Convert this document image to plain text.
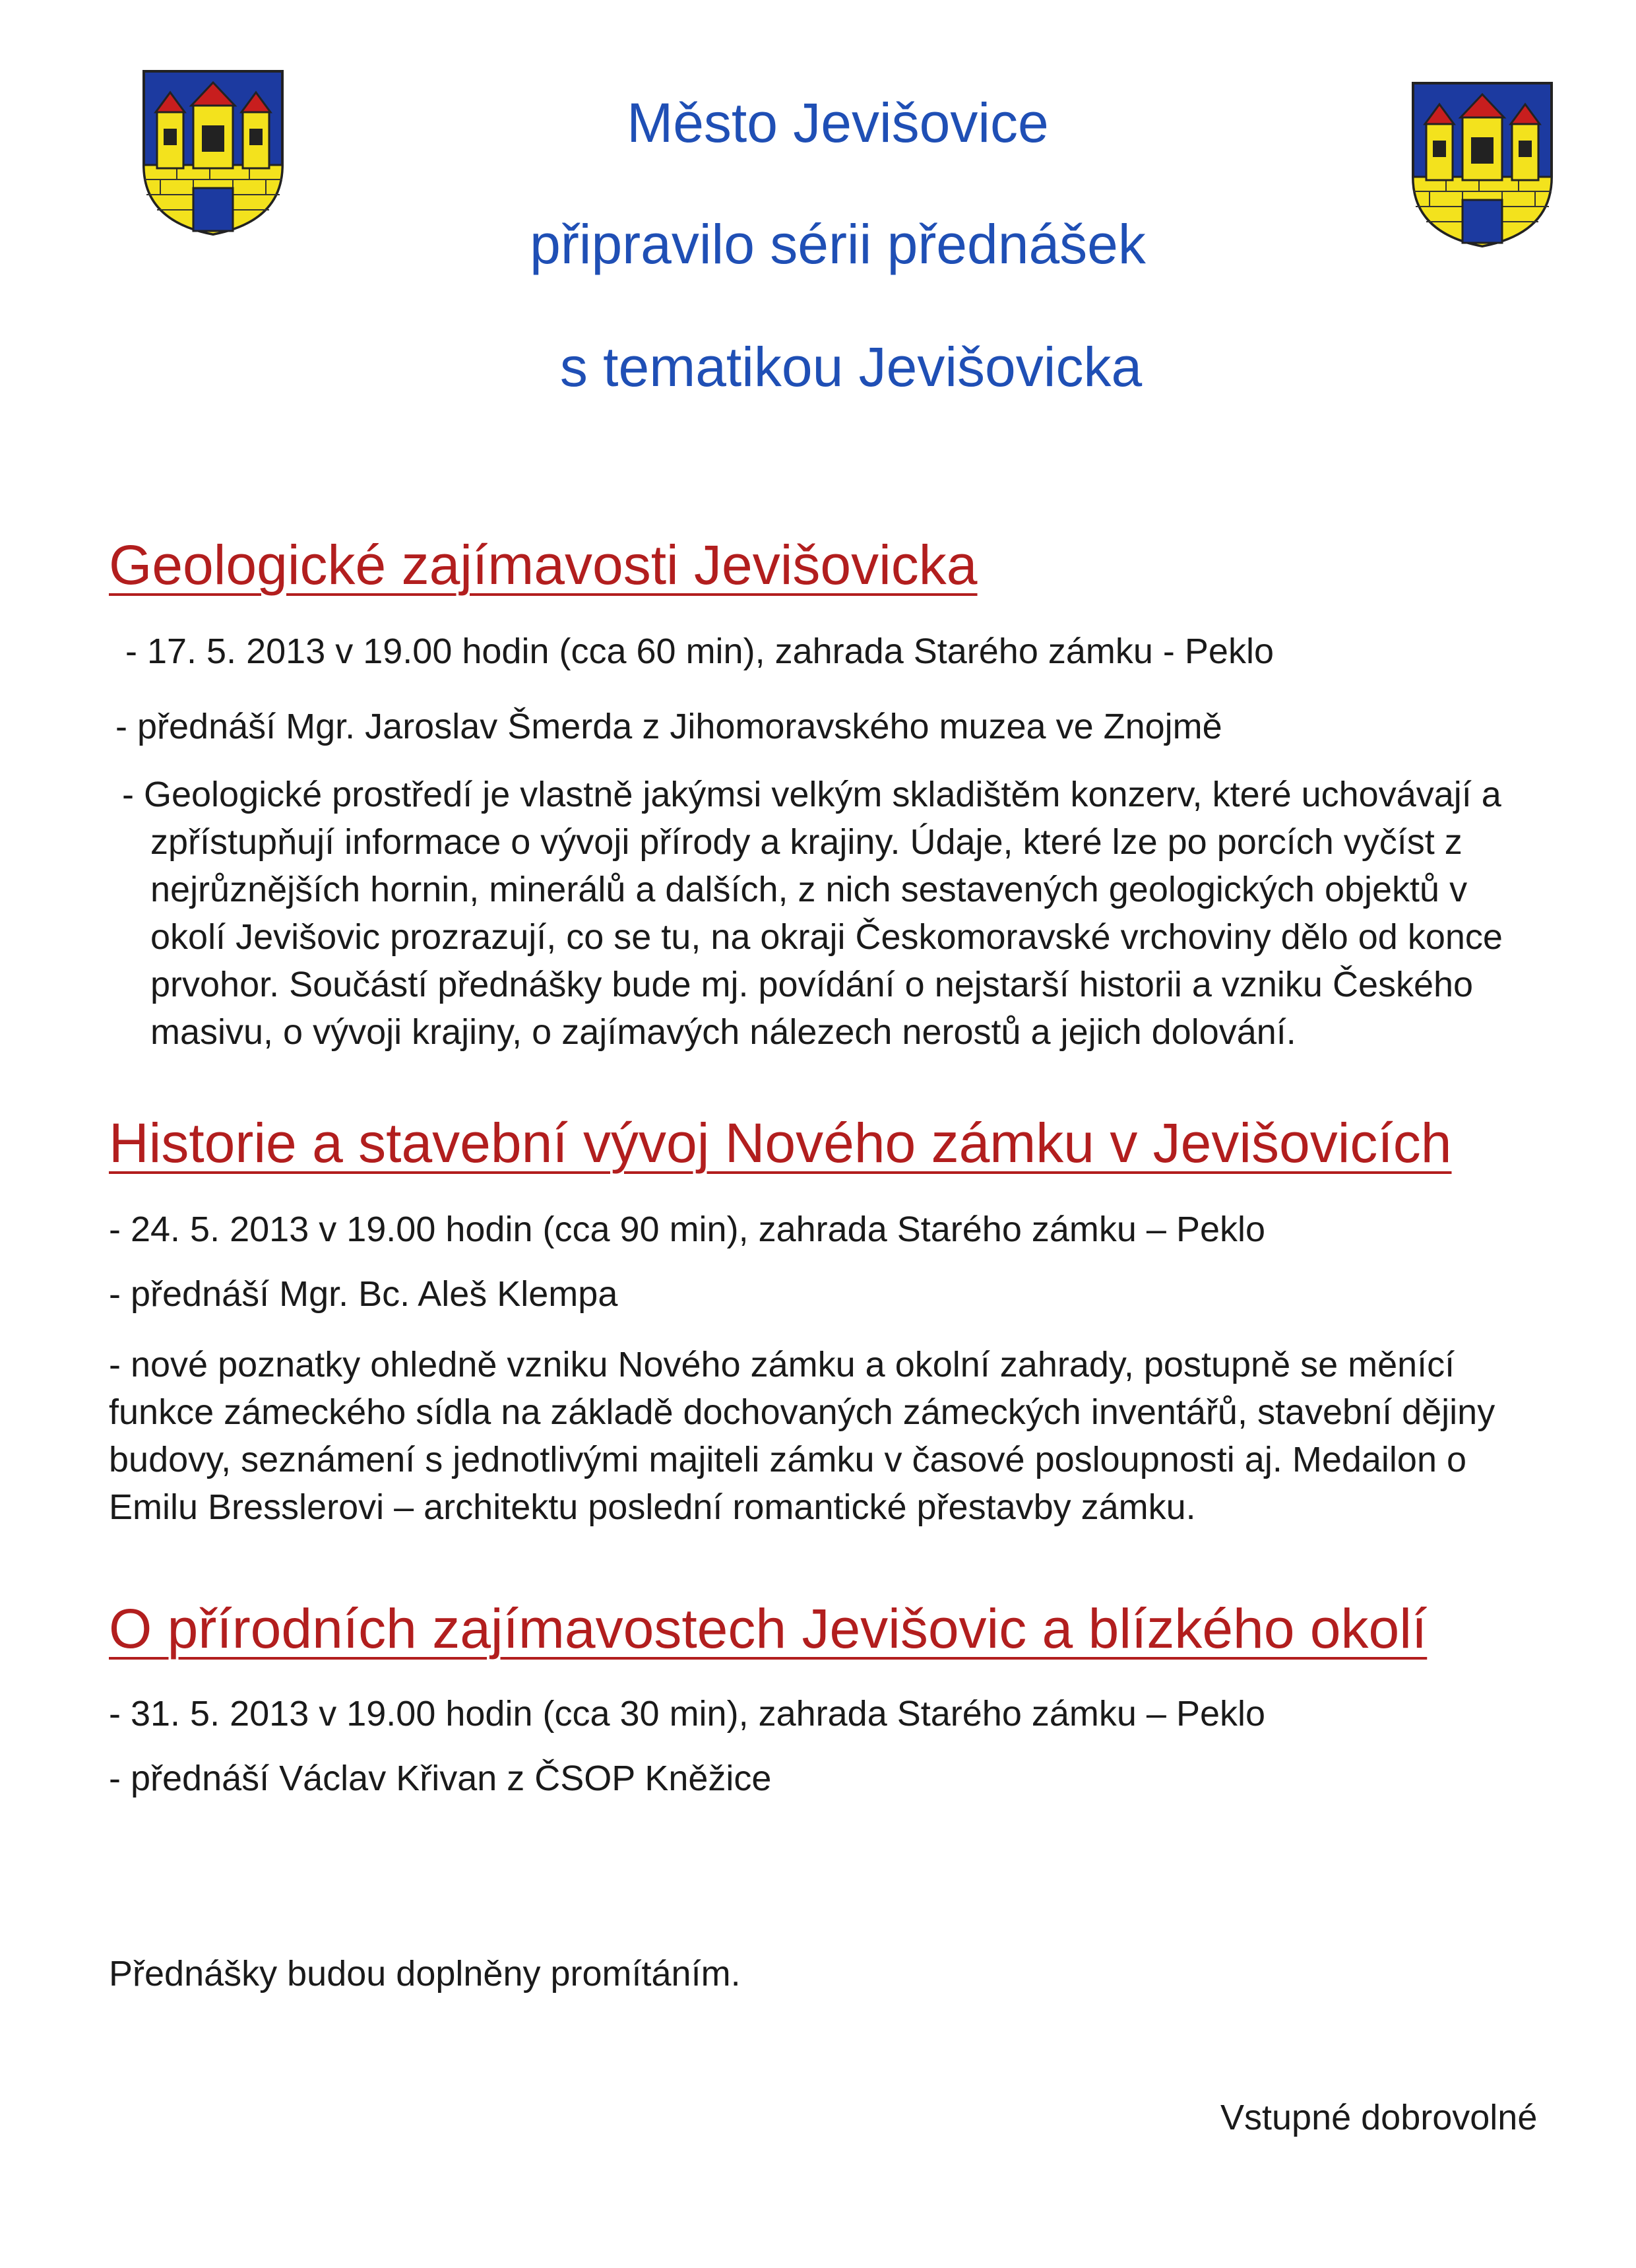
Město Jevišovice
připravilo sérii přednášek
s tematikou Jevišovicka
Geologické zajímavosti Jevišovicka
- 17. 5. 2013 v 19.00 hodin (cca 60 min), zahrada Starého zámku - Peklo
- přednáší Mgr. Jaroslav Šmerda z Jihomoravského muzea ve Znojmě
- Geologické prostředí je vlastně jakýmsi velkým skladištěm konzerv, které uchovávají a
zpřístupňují informace o vývoji přírody a krajiny. Údaje, které lze po porcích vyčíst z
nejrůznějších hornin, minerálů a dalších, z nich sestavených geologických objektů v
okolí Jevišovic prozrazují, co se tu, na okraji Českomoravské vrchoviny dělo od konce
prvohor. Součástí přednášky bude mj. povídání o nejstarší historii a vzniku Českého
masivu, o vývoji krajiny, o zajímavých nálezech nerostů a jejich dolování.
Historie a stavební vývoj Nového zámku v Jevišovicích
- 24. 5. 2013 v 19.00 hodin (cca 90 min), zahrada Starého zámku – Peklo
- přednáší Mgr. Bc. Aleš Klempa
- nové poznatky ohledně vzniku Nového zámku a okolní zahrady, postupně se měnící
funkce zámeckého sídla na základě dochovaných zámeckých inventářů, stavební dějiny
budovy, seznámení s jednotlivými majiteli zámku v časové posloupnosti aj. Medailon o
Emilu Bresslerovi – architektu poslední romantické přestavby zámku.
O přírodních zajímavostech Jevišovic a blízkého okolí
- 31. 5. 2013 v 19.00 hodin (cca 30 min), zahrada Starého zámku – Peklo
- přednáší Václav Křivan z ČSOP Kněžice
Přednášky budou doplněny promítáním.
Vstupné dobrovolné
